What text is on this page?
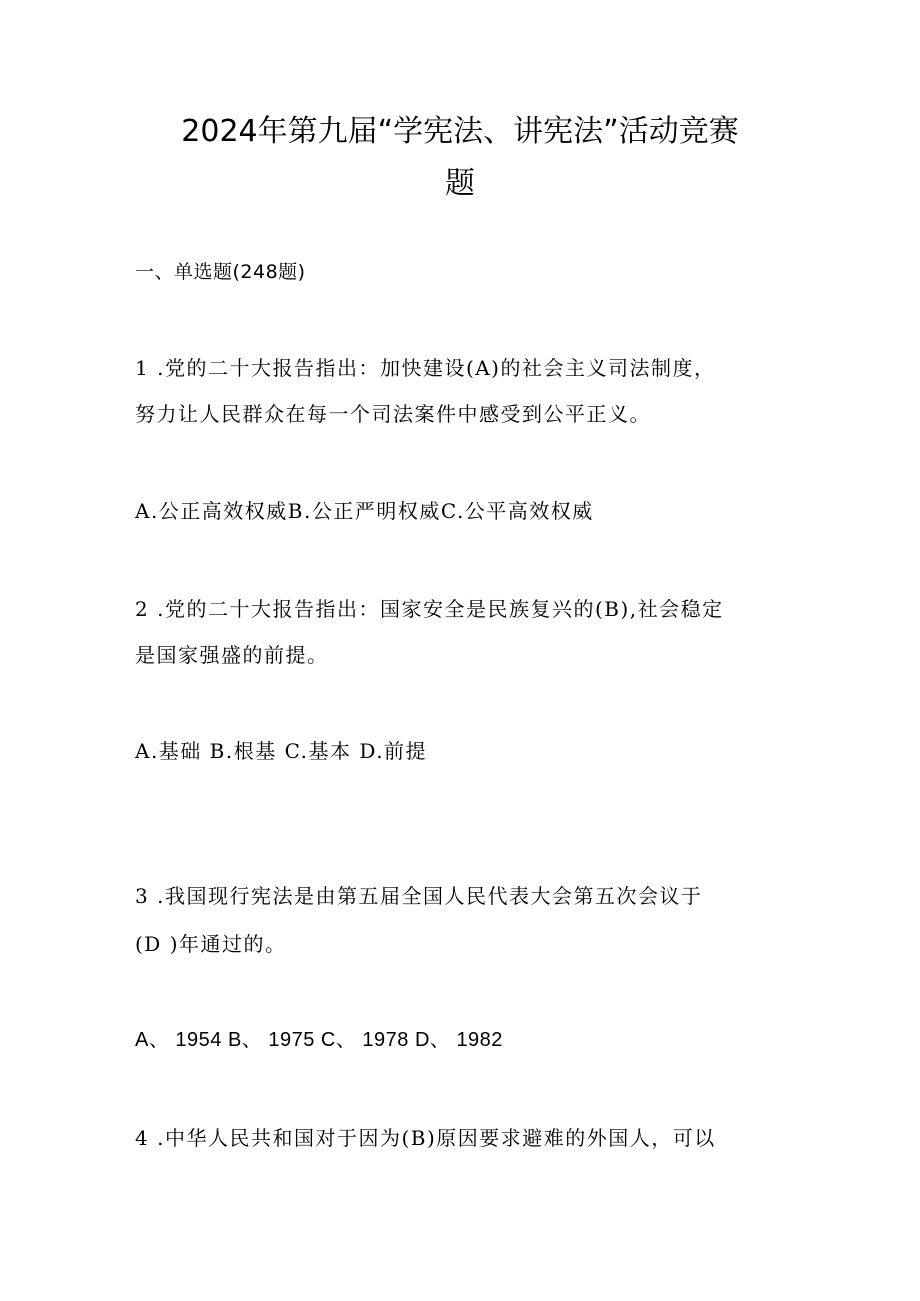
2024年第九届“学宪法、讲宪法”活动竞赛
题
一、单选题(248题)
1 .党的二十大报告指出：加快建设(A)的社会主义司法制度，
努力让人民群众在每一个司法案件中感受到公平正义。
A.公正高效权威B.公正严明权威C.公平高效权威
2 .党的二十大报告指出：国家安全是民族复兴的(B),社会稳定
是国家强盛的前提。
A.基础 B.根基 C.基本 D.前提
3 .我国现行宪法是由第五届全国人民代表大会第五次会议于
(D )年通过的。
A、 1954 B、 1975 C、 1978 D、 1982
4 .中华人民共和国对于因为(B)原因要求避难的外国人，可以
